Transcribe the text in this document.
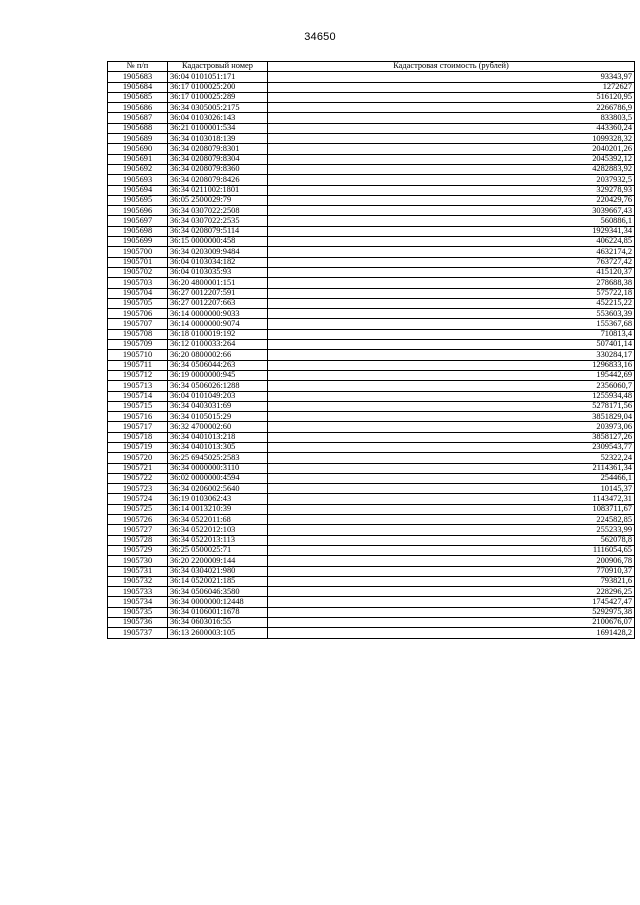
34650
№ п/п	Кадастровый номер	Кадастровая стоимость (рублей)
1905683	36:04 0101051:171	93343,97
1905684	36:17 0100025:200	1272627
1905685	36:17 0100025:289	516120,95
1905686	36:34 0305005:2175	2266786,9
1905687	36:04 0103026:143	833803,5
1905688	36:21 0100001:534	443360,24
1905689	36:34 0103018:139	1099328,32
1905690	36:34 0208079:8301	2040201,26
1905691	36:34 0208079:8304	2045392,12
1905692	36:34 0208079:8360	4282883,92
1905693	36:34 0208079:8426	2037932,5
1905694	36:34 0211002:1801	329278,93
1905695	36:05 2500029:79	220429,76
1905696	36:34 0307022:2508	3039667,43
1905697	36:34 0307022:2535	560886,1
1905698	36:34 0208079:5114	1929341,34
1905699	36:15 0000000:458	406224,85
1905700	36:34 0203009:9484	4632174,2
1905701	36:04 0103034:182	763727,42
1905702	36:04 0103035:93	415120,37
1905703	36:20 4800001:151	278688,38
1905704	36:27 0012207:591	575722,18
1905705	36:27 0012207:663	452215,22
1905706	36:14 0000000:9033	553603,39
1905707	36:14 0000000:9074	155367,68
1905708	36:18 0100019:192	710813,4
1905709	36:12 0100033:264	507401,14
1905710	36:20 0800002:66	330284,17
1905711	36:34 0506044:263	1296833,16
1905712	36:19 0000000:945	195442,69
1905713	36:34 0506026:1288	2356060,7
1905714	36:04 0101049:203	1255934,48
1905715	36:34 0403031:69	5278171,56
1905716	36:34 0105015:29	3851829,04
1905717	36:32 4700002:60	203973,06
1905718	36:34 0401013:218	3858127,26
1905719	36:34 0401013:305	2309543,77
1905720	36:25 6945025:2583	52322,24
1905721	36:34 0000000:3110	2114361,34
1905722	36:02 0000000:4594	254466,1
1905723	36:34 0206002:5640	10145,37
1905724	36:19 0103062:43	1143472,31
1905725	36:14 0013210:39	1083711,67
1905726	36:34 0522011:68	224582,85
1905727	36:34 0522012:103	255233,99
1905728	36:34 0522013:113	562078,8
1905729	36:25 0500025:71	1116054,65
1905730	36:20 2200009:144	200906,78
1905731	36:34 0304021:980	770910,37
1905732	36:14 0520021:185	793821,6
1905733	36:34 0506046:3580	228296,25
1905734	36:34 0000000:12448	1745427,47
1905735	36:34 0106001:1678	5292975,38
1905736	36:34 0603016:55	2100676,07
1905737	36:13 2600003:105	1691428,2
